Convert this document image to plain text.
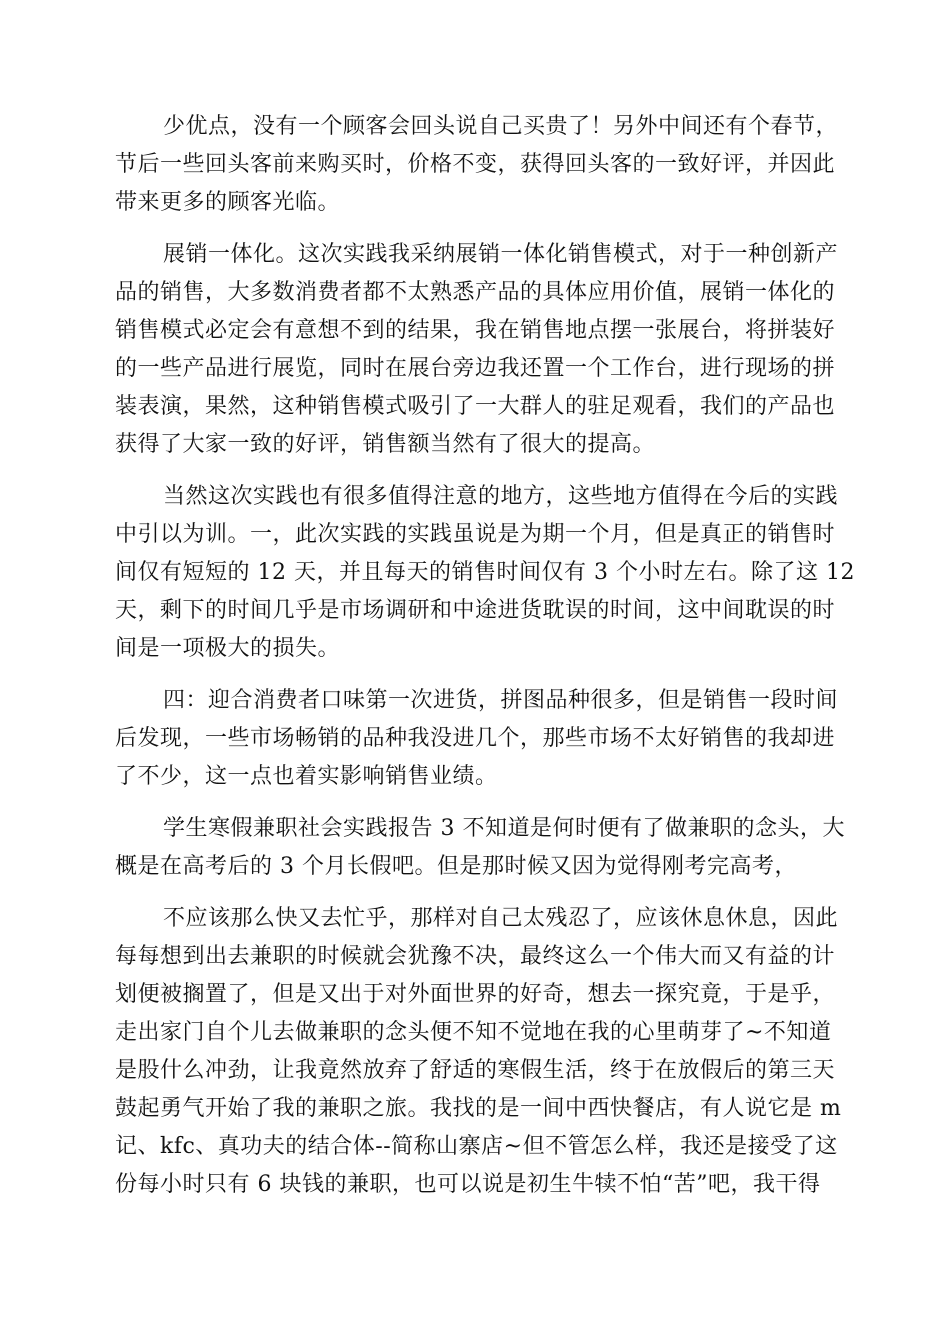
少优点，没有一个顾客会回头说自己买贵了！另外中间还有个春节，
节后一些回头客前来购买时，价格不变，获得回头客的一致好评，并因此
带来更多的顾客光临。
展销一体化。这次实践我采纳展销一体化销售模式，对于一种创新产
品的销售，大多数消费者都不太熟悉产品的具体应用价值，展销一体化的
销售模式必定会有意想不到的结果，我在销售地点摆一张展台，将拼装好
的一些产品进行展览，同时在展台旁边我还置一个工作台，进行现场的拼
装表演，果然，这种销售模式吸引了一大群人的驻足观看，我们的产品也
获得了大家一致的好评，销售额当然有了很大的提高。
当然这次实践也有很多值得注意的地方，这些地方值得在今后的实践
中引以为训。一，此次实践的实践虽说是为期一个月，但是真正的销售时
间仅有短短的 12 天，并且每天的销售时间仅有 3 个小时左右。除了这 12
天，剩下的时间几乎是市场调研和中途进货耽误的时间，这中间耽误的时
间是一项极大的损失。
四：迎合消费者口味第一次进货，拼图品种很多，但是销售一段时间
后发现，一些市场畅销的品种我没进几个，那些市场不太好销售的我却进
了不少，这一点也着实影响销售业绩。
学生寒假兼职社会实践报告 3 不知道是何时便有了做兼职的念头，大
概是在高考后的 3 个月长假吧。但是那时候又因为觉得刚考完高考，
不应该那么快又去忙乎，那样对自己太残忍了，应该休息休息，因此
每每想到出去兼职的时候就会犹豫不决，最终这么一个伟大而又有益的计
划便被搁置了，但是又出于对外面世界的好奇，想去一探究竟，于是乎，
走出家门自个儿去做兼职的念头便不知不觉地在我的心里萌芽了~不知道
是股什么冲劲，让我竟然放弃了舒适的寒假生活，终于在放假后的第三天
鼓起勇气开始了我的兼职之旅。我找的是一间中西快餐店，有人说它是 m
记、kfc、真功夫的结合体--简称山寨店~但不管怎么样，我还是接受了这
份每小时只有 6 块钱的兼职，也可以说是初生牛犊不怕“苦”吧，我干得
